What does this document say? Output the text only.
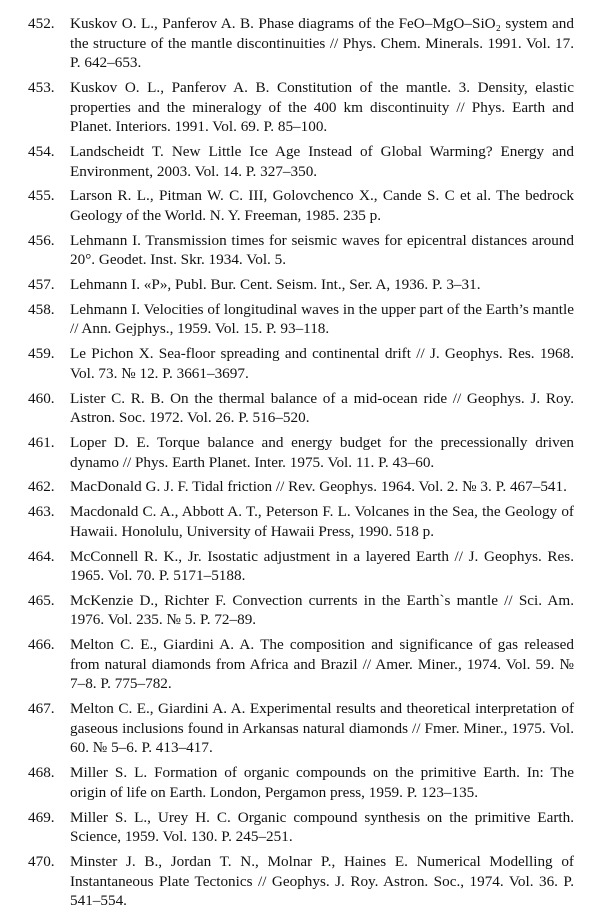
452. Kuskov O. L., Panferov A. B. Phase diagrams of the FeO–MgO–SiO₂ system and the structure of the mantle discontinuities // Phys. Chem. Minerals. 1991. Vol. 17. P. 642–653.
453. Kuskov O. L., Panferov A. B. Constitution of the mantle. 3. Density, elastic properties and the mineralogy of the 400 km discontinuity // Phys. Earth and Planet. Interiors. 1991. Vol. 69. P. 85–100.
454. Landscheidt T. New Little Ice Age Instead of Global Warming? Energy and Environment, 2003. Vol. 14. P. 327–350.
455. Larson R. L., Pitman W. C. III, Golovchenco X., Cande S. C et al. The bedrock Geology of the World. N. Y. Freeman, 1985. 235 p.
456. Lehmann I. Transmission times for seismic waves for epicentral distances around 20°. Geodet. Inst. Skr. 1934. Vol. 5.
457. Lehmann I. «P», Publ. Bur. Cent. Seism. Int., Ser. A, 1936. P. 3–31.
458. Lehmann I. Velocities of longitudinal waves in the upper part of the Earth’s mantle // Ann. Gejphys., 1959. Vol. 15. P. 93–118.
459. Le Pichon X. Sea-floor spreading and continental drift // J. Geophys. Res. 1968. Vol. 73. № 12. P. 3661–3697.
460. Lister C. R. B. On the thermal balance of a mid-ocean ride // Geophys. J. Roy. Astron. Soc. 1972. Vol. 26. P. 516–520.
461. Loper D. E. Torque balance and energy budget for the precessionally driven dynamo // Phys. Earth Planet. Inter. 1975. Vol. 11. P. 43–60.
462. MacDonald G. J. F. Tidal friction // Rev. Geophys. 1964. Vol. 2. № 3. P. 467–541.
463. Macdonald C. A., Abbott A. T., Peterson F. L. Volcanes in the Sea, the Geology of Hawaii. Honolulu, University of Hawaii Press, 1990. 518 p.
464. McConnell R. K., Jr. Isostatic adjustment in a layered Earth // J. Geophys. Res. 1965. Vol. 70. P. 5171–5188.
465. McKenzie D., Richter F. Convection currents in the Earth`s mantle // Sci. Am. 1976. Vol. 235. № 5. P. 72–89.
466. Melton C. E., Giardini A. A. The composition and significance of gas released from natural diamonds from Africa and Brazil // Amer. Miner., 1974. Vol. 59. № 7–8. P. 775–782.
467. Melton C. E., Giardini A. A. Experimental results and theoretical interpretation of gaseous inclusions found in Arkansas natural diamonds // Fmer. Miner., 1975. Vol. 60. № 5–6. P. 413–417.
468. Miller S. L. Formation of organic compounds on the primitive Earth. In: The origin of life on Earth. London, Pergamon press, 1959. P. 123–135.
469. Miller S. L., Urey H. C. Organic compound synthesis on the primitive Earth. Science, 1959. Vol. 130. P. 245–251.
470. Minster J. B., Jordan T. N., Molnar P., Haines E. Numerical Modelling of Instantaneous Plate Tectonics // Geophys. J. Roy. Astron. Soc., 1974. Vol. 36. P. 541–554.
